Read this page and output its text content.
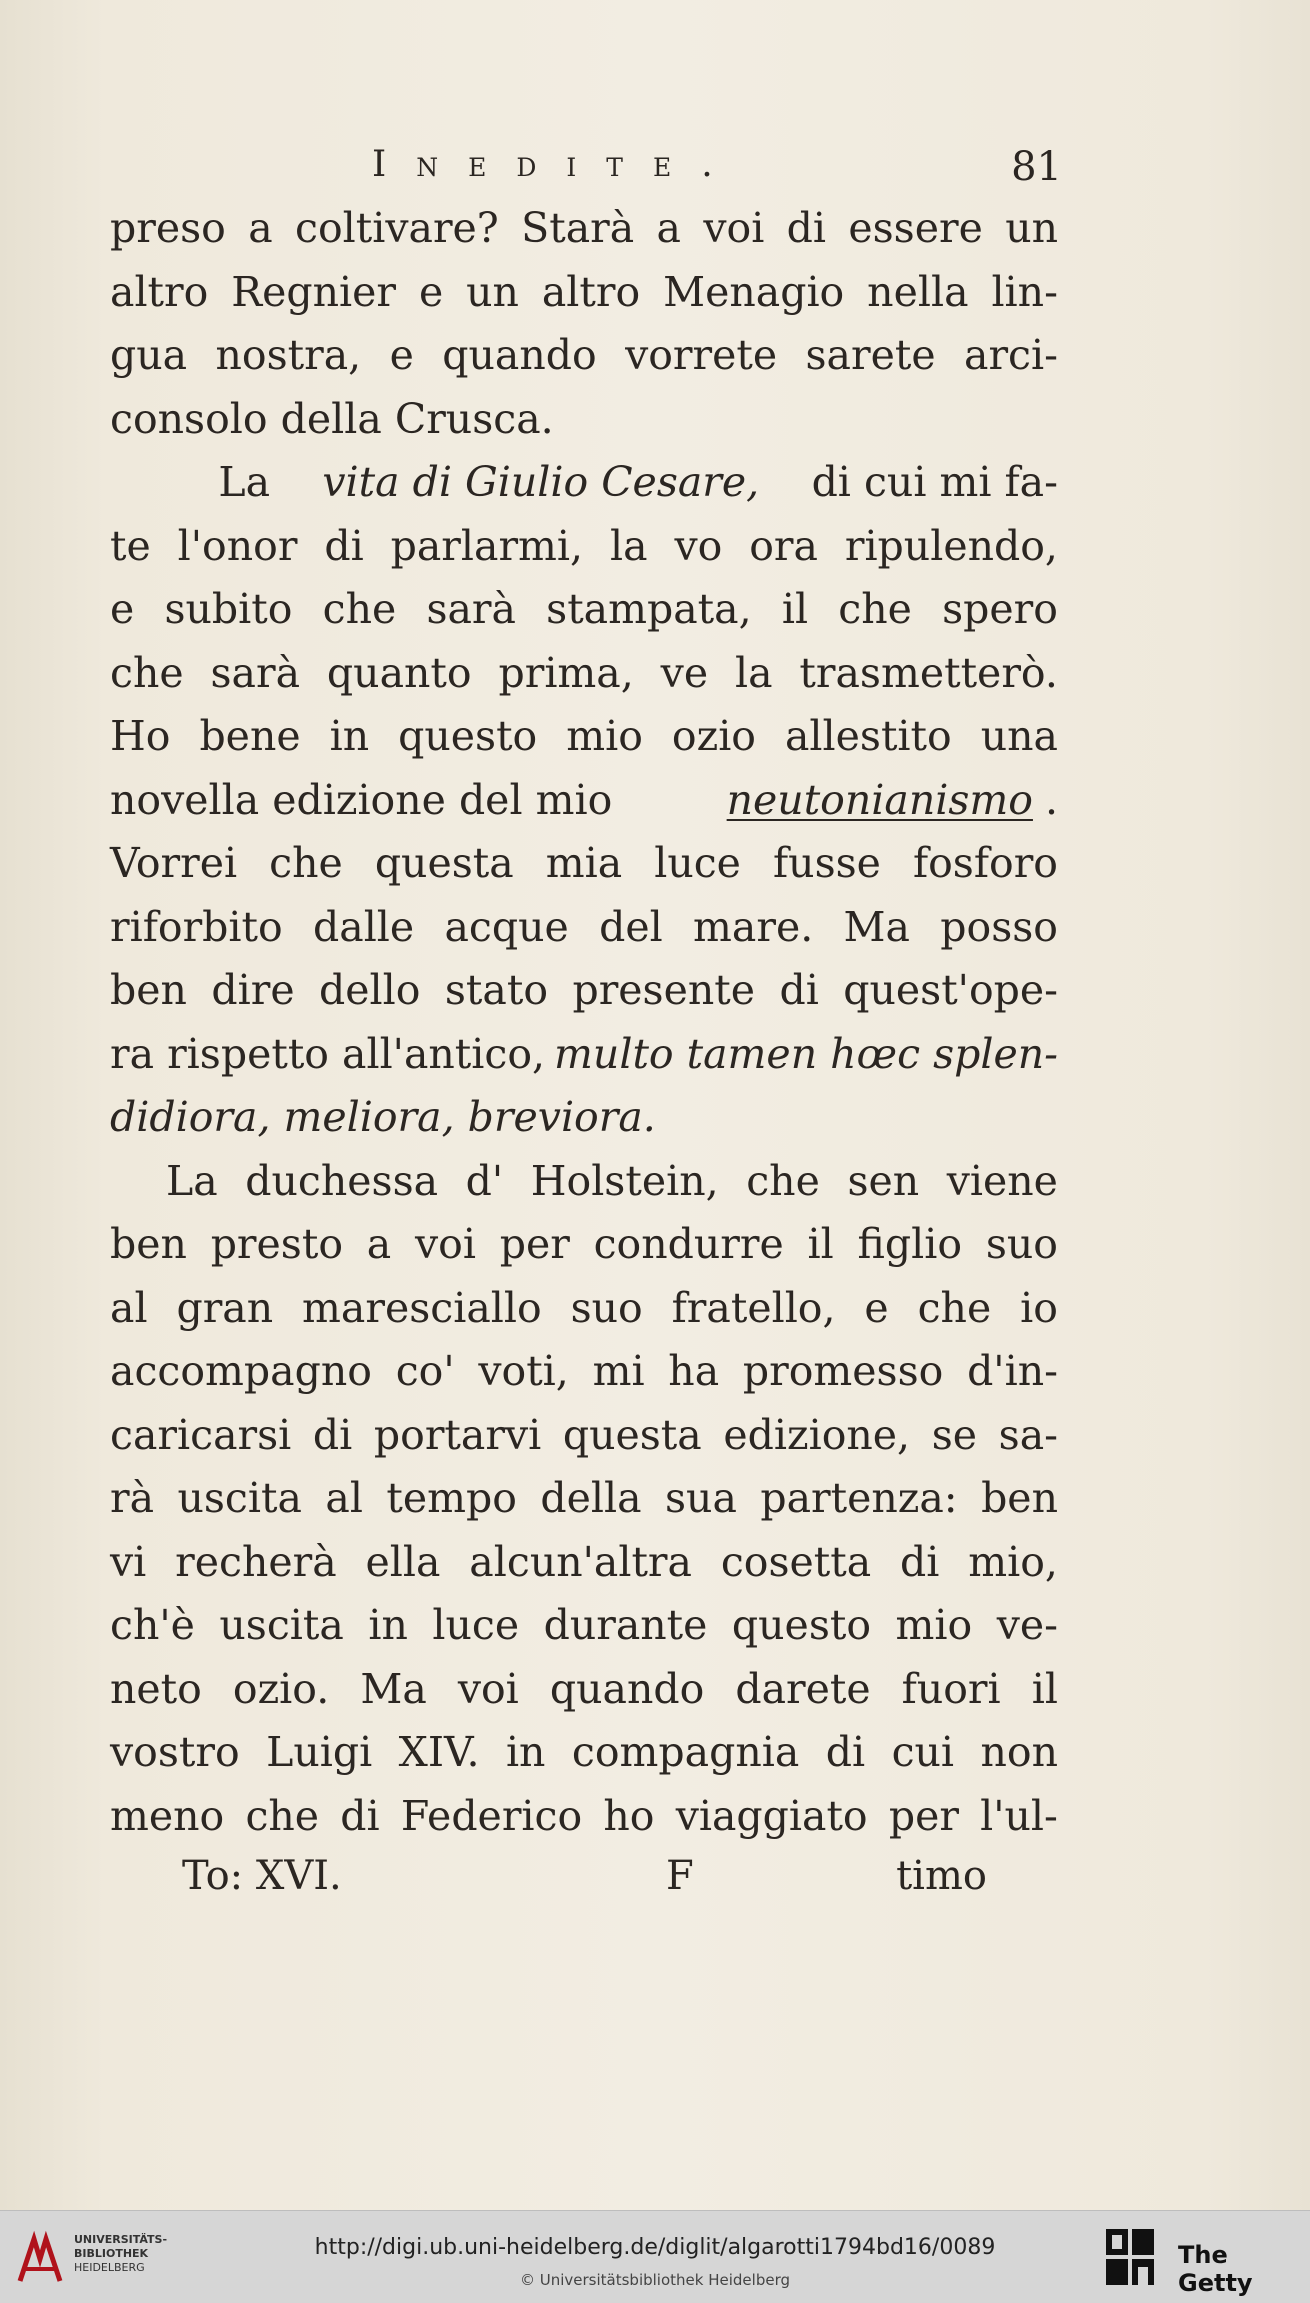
Inedite.	81
preso a coltivare? Starà a voi di essere un
altro Regnier e un altro Menagio nella lin-
gua nostra, e quando vorrete sarete arci-
consolo della Crusca.
La vita di Giulio Cesare, di cui mi fa-
te l'onor di parlarmi, la vo ora ripulendo,
e subito che sarà stampata, il che spero
che sarà quanto prima, ve la trasmetterò.
Ho bene in questo mio ozio allestito una
novella edizione del mio	neutonianismo .
Vorrei che questa mia luce fusse fosforo
riforbito dalle acque del mare. Ma posso
ben dire dello stato presente di quest'ope-
ra rispetto all'antico, multo tamen hœc splen-
didiora, meliora, breviora.
La duchessa d' Holstein, che sen viene
ben presto a voi per condurre il figlio suo
al gran maresciallo suo fratello, e che io
accompagno co' voti, mi ha promesso d'in-
caricarsi di portarvi questa edizione, se sa-
rà uscita al tempo della sua partenza: ben
vi recherà ella alcun'altra cosetta di mio,
ch'è uscita in luce durante questo mio ve-
neto ozio. Ma voi quando darete fuori il
vostro Luigi XIV. in compagnia di cui non
meno che di Federico ho viaggiato per l'ul-
To: XVI.	F	timo
UNIVERSITÄTS-
BIBLIOTHEK
HEIDELBERG
http://digi.ub.uni-heidelberg.de/diglit/algarotti1794bd16/0089
© Universitätsbibliothek Heidelberg
The Getty
